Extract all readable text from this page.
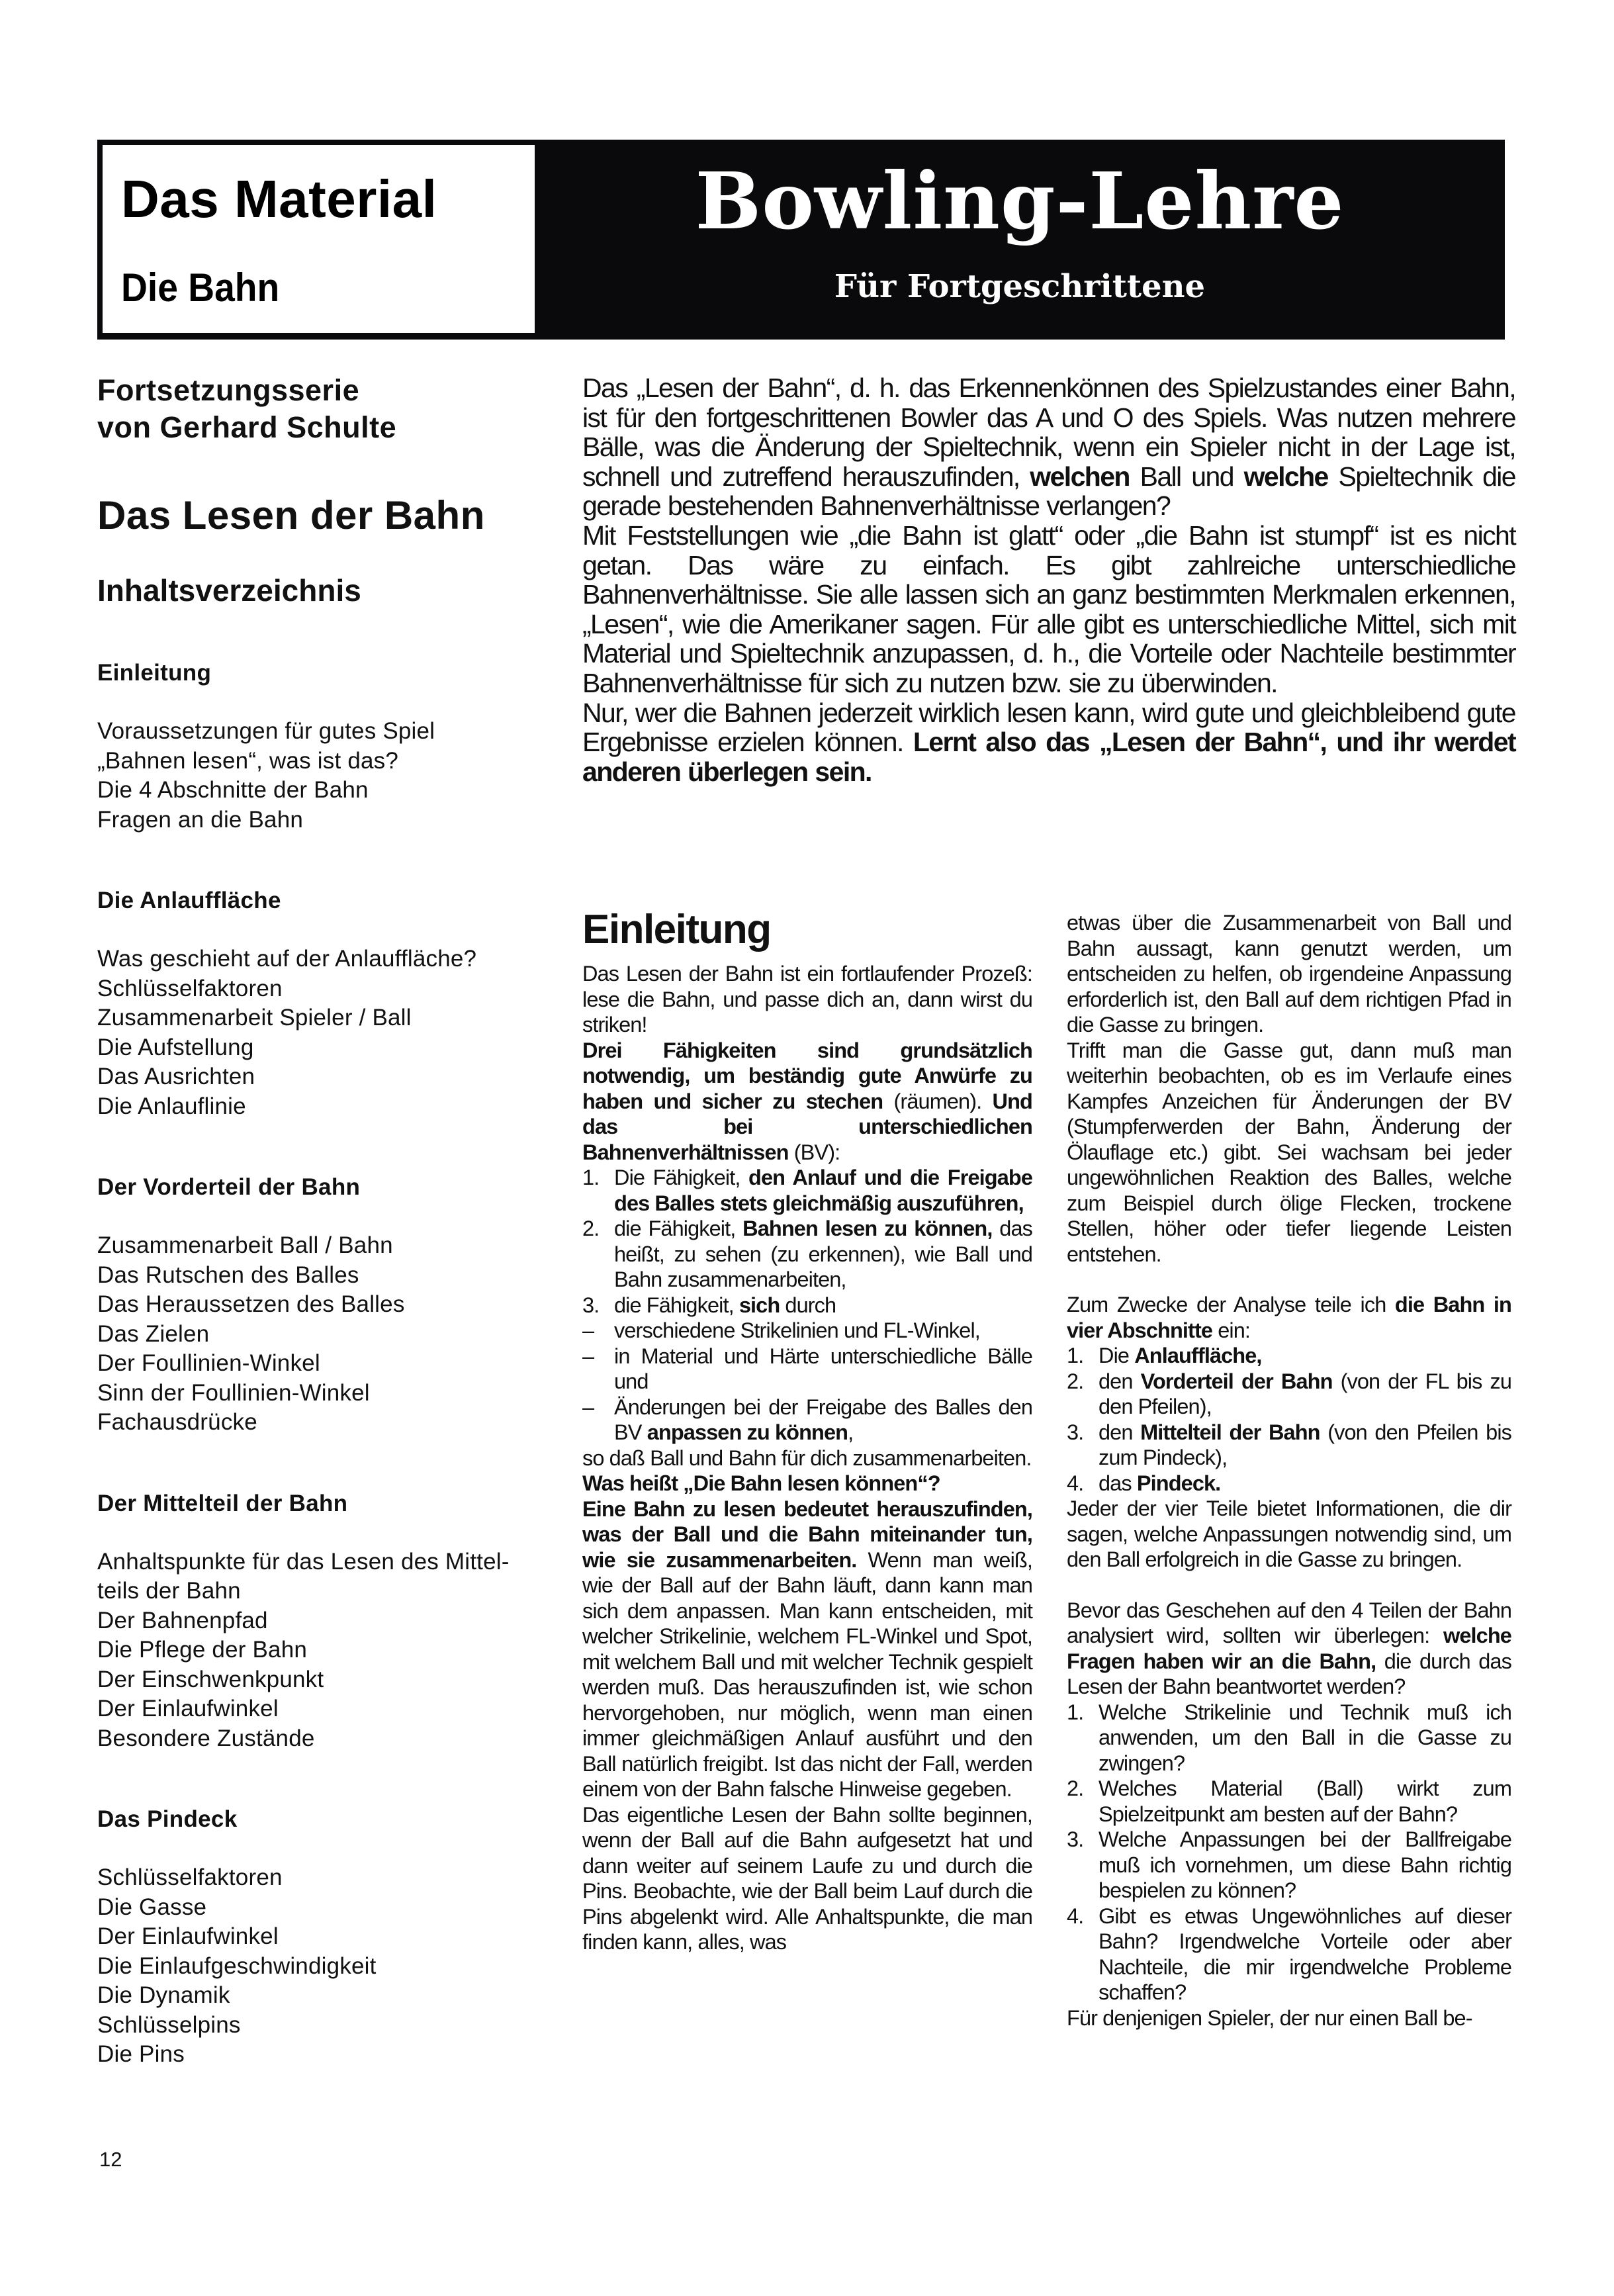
Das Material

Die Bahn

Bowling-Lehre

Für Fortgeschrittene

Fortsetzungsserie
von Gerhard Schulte

Das Lesen der Bahn

Inhaltsverzeichnis

Einleitung

Voraussetzungen für gutes Spiel
„Bahnen lesen“, was ist das?
Die 4 Abschnitte der Bahn
Fragen an die Bahn

Die Anlauffläche

Was geschieht auf der Anlauffläche?
Schlüsselfaktoren
Zusammenarbeit Spieler / Ball
Die Aufstellung
Das Ausrichten
Die Anlauflinie

Der Vorderteil der Bahn

Zusammenarbeit Ball / Bahn
Das Rutschen des Balles
Das Heraussetzen des Balles
Das Zielen
Der Foullinien-Winkel
Sinn der Foullinien-Winkel
Fachausdrücke

Der Mittelteil der Bahn

Anhaltspunkte für das Lesen des Mittel-teils der Bahn
Der Bahnenpfad
Die Pflege der Bahn
Der Einschwenkpunkt
Der Einlaufwinkel
Besondere Zustände

Das Pindeck

Schlüsselfaktoren
Die Gasse
Der Einlaufwinkel
Die Einlaufgeschwindigkeit
Die Dynamik
Schlüsselpins
Die Pins

12

Das „Lesen der Bahn“, d. h. das Erkennenkönnen des Spielzustandes einer Bahn, ist für den fortgeschrittenen Bowler das A und O des Spiels. Was nutzen mehrere Bälle, was die Änderung der Spieltechnik, wenn ein Spieler nicht in der Lage ist, schnell und zutreffend herauszufinden, welchen Ball und welche Spieltechnik die gerade bestehenden Bahnenverhältnisse verlangen?

Mit Feststellungen wie „die Bahn ist glatt“ oder „die Bahn ist stumpf“ ist es nicht getan. Das wäre zu einfach. Es gibt zahlreiche unterschiedliche Bahnenverhältnisse. Sie alle lassen sich an ganz bestimmten Merkmalen erkennen, „Lesen“, wie die Amerikaner sagen. Für alle gibt es unterschiedliche Mittel, sich mit Material und Spieltechnik anzupassen, d. h., die Vorteile oder Nachteile bestimmter Bahnenverhältnisse für sich zu nutzen bzw. sie zu überwinden.

Nur, wer die Bahnen jederzeit wirklich lesen kann, wird gute und gleichbleibend gute Ergebnisse erzielen können. Lernt also das „Lesen der Bahn“, und ihr werdet anderen überlegen sein.

Einleitung

Das Lesen der Bahn ist ein fortlaufender Prozeß: lese die Bahn, und passe dich an, dann wirst du striken!

Drei Fähigkeiten sind grundsätzlich notwendig, um beständig gute Anwürfe zu haben und sicher zu stechen (räumen). Und das bei unterschiedlichen Bahnenverhältnissen (BV):

1. Die Fähigkeit, den Anlauf und die Freigabe des Balles stets gleichmäßig auszuführen,
2. die Fähigkeit, Bahnen lesen zu können, das heißt, zu sehen (zu erkennen), wie Ball und Bahn zusammenarbeiten,
3. die Fähigkeit, sich durch
– verschiedene Strikelinien und FL-Winkel,
– in Material und Härte unterschiedliche Bälle und
– Änderungen bei der Freigabe des Balles den BV anpassen zu können,

so daß Ball und Bahn für dich zusammenarbeiten.

Was heißt „Die Bahn lesen können“?

Eine Bahn zu lesen bedeutet herauszufinden, was der Ball und die Bahn miteinander tun, wie sie zusammenarbeiten. Wenn man weiß, wie der Ball auf der Bahn läuft, dann kann man sich dem anpassen. Man kann entscheiden, mit welcher Strikelinie, welchem FL-Winkel und Spot, mit welchem Ball und mit welcher Technik gespielt werden muß. Das herauszufinden ist, wie schon hervorgehoben, nur möglich, wenn man einen immer gleichmäßigen Anlauf ausführt und den Ball natürlich freigibt. Ist das nicht der Fall, werden einem von der Bahn falsche Hinweise gegeben.

Das eigentliche Lesen der Bahn sollte beginnen, wenn der Ball auf die Bahn aufgesetzt hat und dann weiter auf seinem Laufe zu und durch die Pins. Beobachte, wie der Ball beim Lauf durch die Pins abgelenkt wird. Alle Anhaltspunkte, die man finden kann, alles, was

etwas über die Zusammenarbeit von Ball und Bahn aussagt, kann genutzt werden, um entscheiden zu helfen, ob irgendeine Anpassung erforderlich ist, den Ball auf dem richtigen Pfad in die Gasse zu bringen.

Trifft man die Gasse gut, dann muß man weiterhin beobachten, ob es im Verlaufe eines Kampfes Anzeichen für Änderungen der BV (Stumpferwerden der Bahn, Änderung der Ölauflage etc.) gibt. Sei wachsam bei jeder ungewöhnlichen Reaktion des Balles, welche zum Beispiel durch ölige Flecken, trockene Stellen, höher oder tiefer liegende Leisten entstehen.

Zum Zwecke der Analyse teile ich die Bahn in vier Abschnitte ein:

1. Die Anlauffläche,
2. den Vorderteil der Bahn (von der FL bis zu den Pfeilen),
3. den Mittelteil der Bahn (von den Pfeilen bis zum Pindeck),
4. das Pindeck.

Jeder der vier Teile bietet Informationen, die dir sagen, welche Anpassungen notwendig sind, um den Ball erfolgreich in die Gasse zu bringen.

Bevor das Geschehen auf den 4 Teilen der Bahn analysiert wird, sollten wir überlegen: welche Fragen haben wir an die Bahn, die durch das Lesen der Bahn beantwortet werden?

1. Welche Strikelinie und Technik muß ich anwenden, um den Ball in die Gasse zu zwingen?
2. Welches Material (Ball) wirkt zum Spielzeitpunkt am besten auf der Bahn?
3. Welche Anpassungen bei der Ballfreigabe muß ich vornehmen, um diese Bahn richtig bespielen zu können?
4. Gibt es etwas Ungewöhnliches auf dieser Bahn? Irgendwelche Vorteile oder aber Nachteile, die mir irgendwelche Probleme schaffen?

Für denjenigen Spieler, der nur einen Ball be-
